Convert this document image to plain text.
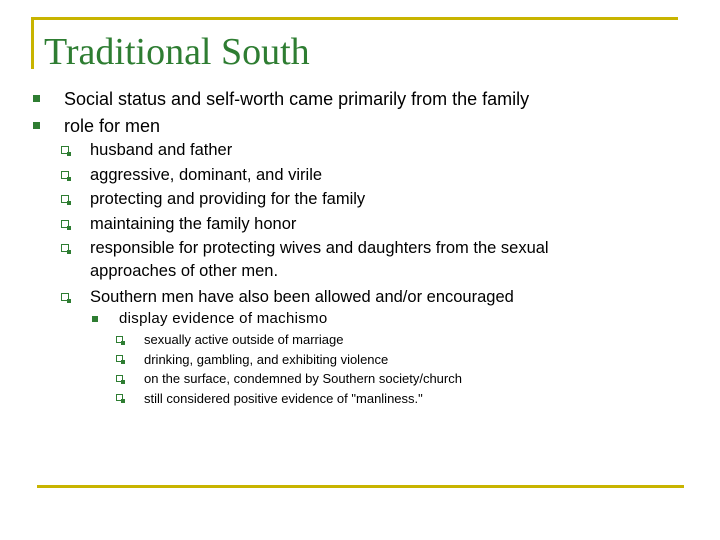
Traditional South
Social status and self-worth came primarily from the family
role for men
husband and father
aggressive, dominant, and virile
protecting and providing for the family
maintaining the family honor
responsible for protecting wives and daughters from the sexual
approaches of other men.
Southern men have also been allowed and/or encouraged
display evidence of machismo
sexually active outside of marriage
drinking, gambling, and exhibiting violence
on the surface, condemned by Southern society/church
still considered positive evidence of "manliness."
